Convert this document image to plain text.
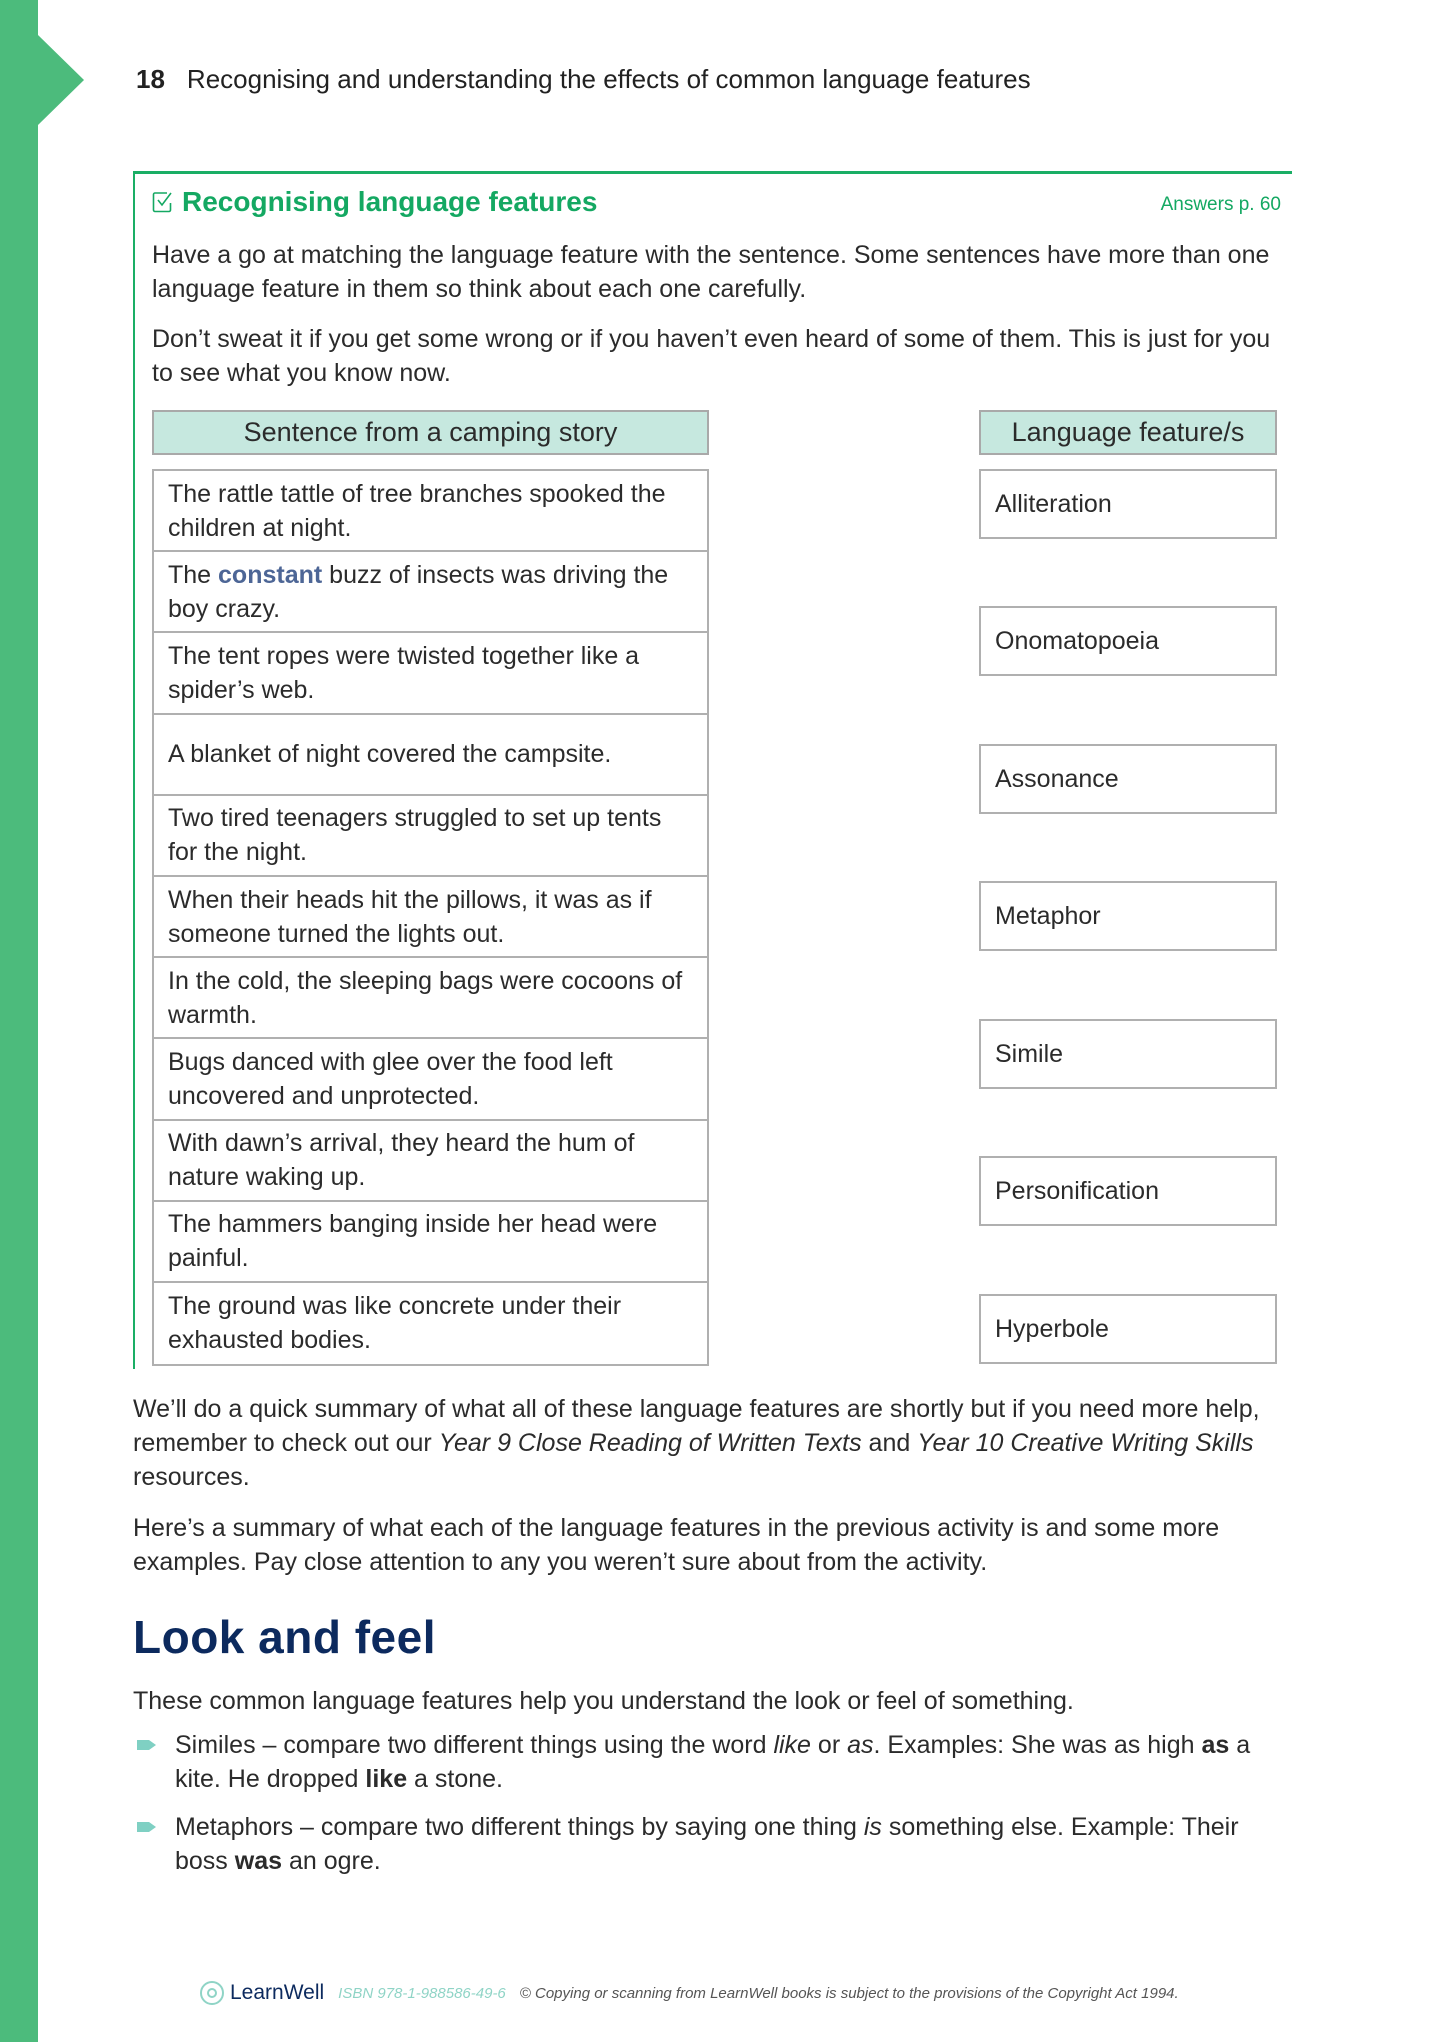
18 Recognising and understanding the effects of common language features
Recognising language features	Answers p. 60

Have a go at matching the language feature with the sentence. Some sentences have more than one language feature in them so think about each one carefully.

Don’t sweat it if you get some wrong or if you haven’t even heard of some of them. This is just for you to see what you know now.

Sentence from a camping story	Language feature/s
The rattle tattle of tree branches spooked the children at night.
The constant buzz of insects was driving the boy crazy.
The tent ropes were twisted together like a spider’s web.
A blanket of night covered the campsite.
Two tired teenagers struggled to set up tents for the night.
When their heads hit the pillows, it was as if someone turned the lights out.
In the cold, the sleeping bags were cocoons of warmth.
Bugs danced with glee over the food left uncovered and unprotected.
With dawn’s arrival, they heard the hum of nature waking up.
The hammers banging inside her head were painful.
The ground was like concrete under their exhausted bodies.
Alliteration
Onomatopoeia
Assonance
Metaphor
Simile
Personification
Hyperbole

We’ll do a quick summary of what all of these language features are shortly but if you need more help, remember to check out our Year 9 Close Reading of Written Texts and Year 10 Creative Writing Skills resources.

Here’s a summary of what each of the language features in the previous activity is and some more examples. Pay close attention to any you weren’t sure about from the activity.

Look and feel

These common language features help you understand the look or feel of something.

Similes – compare two different things using the word like or as. Examples: She was as high as a kite. He dropped like a stone.
Metaphors – compare two different things by saying one thing is something else. Example: Their boss was an ogre.
LearnWell ISBN 978-1-988586-49-6 © Copying or scanning from LearnWell books is subject to the provisions of the Copyright Act 1994.
